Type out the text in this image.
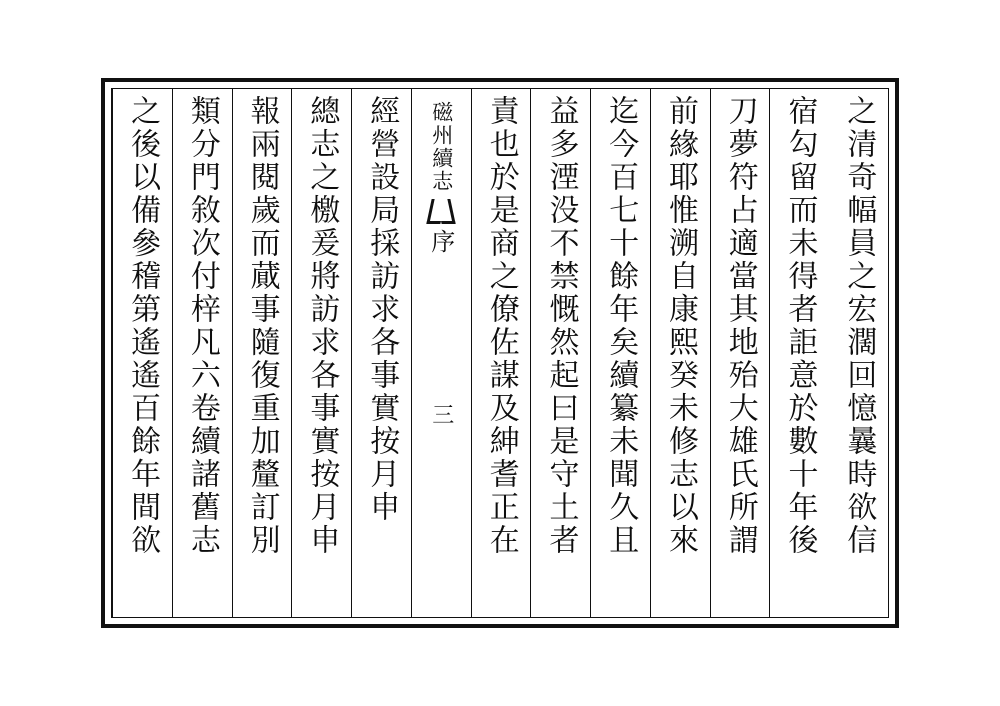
之清奇幅員之宏濶回憶曩時欲信
宿勾留而未得者詎意於數十年後
刀夢符占適當其地殆大雄氏所謂
前緣耶惟溯自康熙癸未修志以來
迄今百七十餘年矣續纂未聞久且
益多湮没不禁慨然起曰是守土者
責也於是商之僚佐謀及紳耆正在
磁州續志
序
三
經營設局採訪求各事實按月申
總志之檄爰將訪求各事實按月申
報兩閱歲而蕆事隨復重加釐訂別
類分門敘次付梓凡六卷續諸舊志
之後以備參稽第遙遙百餘年間欲
